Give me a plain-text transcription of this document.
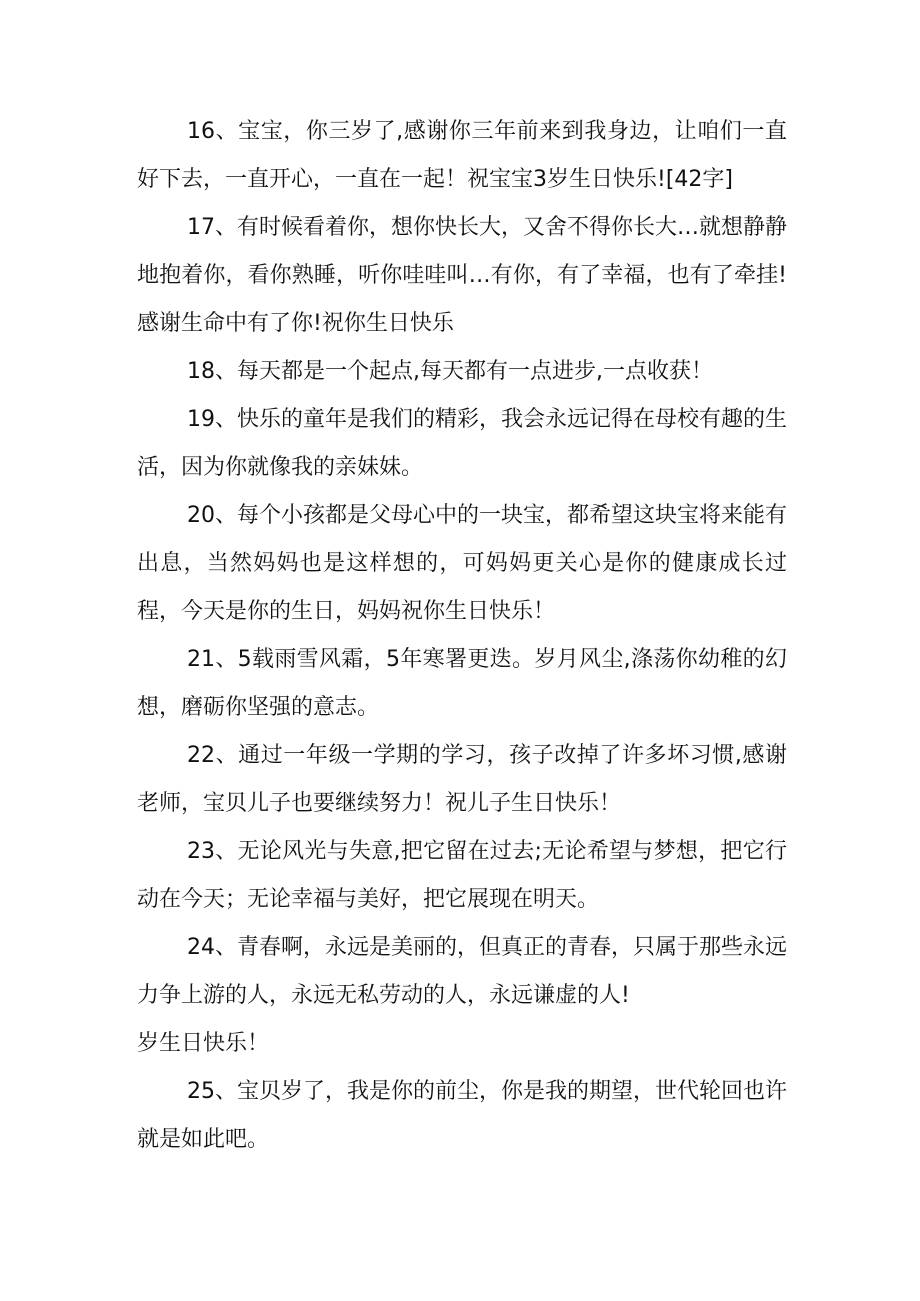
16、宝宝，你三岁了,感谢你三年前来到我身边，让咱们一直好下去，一直开心，一直在一起！祝宝宝3岁生日快乐![42字]

17、有时候看着你，想你快长大，又舍不得你长大…就想静静地抱着你，看你熟睡，听你哇哇叫…有你，有了幸福，也有了牵挂!感谢生命中有了你!祝你生日快乐

18、每天都是一个起点,每天都有一点进步,一点收获！

19、快乐的童年是我们的精彩，我会永远记得在母校有趣的生活，因为你就像我的亲妹妹。

20、每个小孩都是父母心中的一块宝，都希望这块宝将来能有出息，当然妈妈也是这样想的，可妈妈更关心是你的健康成长过程，今天是你的生日，妈妈祝你生日快乐！

21、5载雨雪风霜，5年寒署更迭。岁月风尘,涤荡你幼稚的幻想，磨砺你坚强的意志。

22、通过一年级一学期的学习，孩子改掉了许多坏习惯,感谢老师，宝贝儿子也要继续努力！祝儿子生日快乐！

23、无论风光与失意,把它留在过去;无论希望与梦想，把它行动在今天；无论幸福与美好，把它展现在明天。

24、青春啊，永远是美丽的，但真正的青春，只属于那些永远力争上游的人，永远无私劳动的人，永远谦虚的人!

岁生日快乐！

25、宝贝岁了，我是你的前尘，你是我的期望，世代轮回也许就是如此吧。
